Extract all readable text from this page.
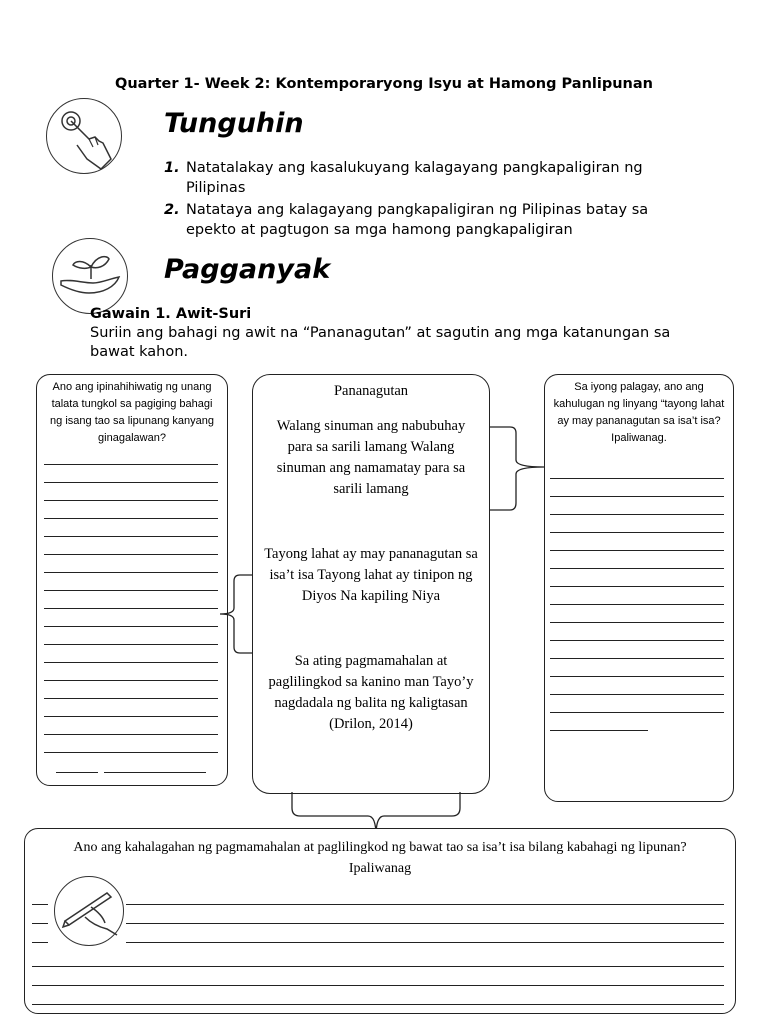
Quarter 1- Week 2: Kontemporaryong Isyu at Hamong Panlipunan
Tunguhin
1. Natatalakay ang kasalukuyang kalagayang pangkapaligiran ng Pilipinas
2. Natataya ang kalagayang pangkapaligiran ng Pilipinas batay sa epekto at pagtugon sa mga hamong pangkapaligiran
Pagganyak
Gawain 1. Awit-Suri
Suriin ang bahagi ng awit na “Pananagutan” at sagutin ang mga katanungan sa bawat kahon.
Ano ang ipinahihiwatig ng unang talata tungkol sa pagiging bahagi ng isang tao sa lipunang kanyang ginagalawan?
Pananagutan
Walang sinuman ang nabubuhay para sa sarili lamang Walang sinuman ang namamatay para sa sarili lamang
Tayong lahat ay may pananagutan sa isa’t isa Tayong lahat ay tinipon ng Diyos Na kapiling Niya
Sa ating pagmamahalan at paglilingkod sa kanino man Tayo’y nagdadala ng balita ng kaligtasan (Drilon, 2014)
Sa iyong palagay, ano ang kahulugan ng linyang “tayong lahat ay may pananagutan sa isa’t isa? Ipaliwanag.
Ano ang kahalagahan ng pagmamahalan at paglilingkod ng bawat tao sa isa’t isa bilang kabahagi ng lipunan? Ipaliwanag
